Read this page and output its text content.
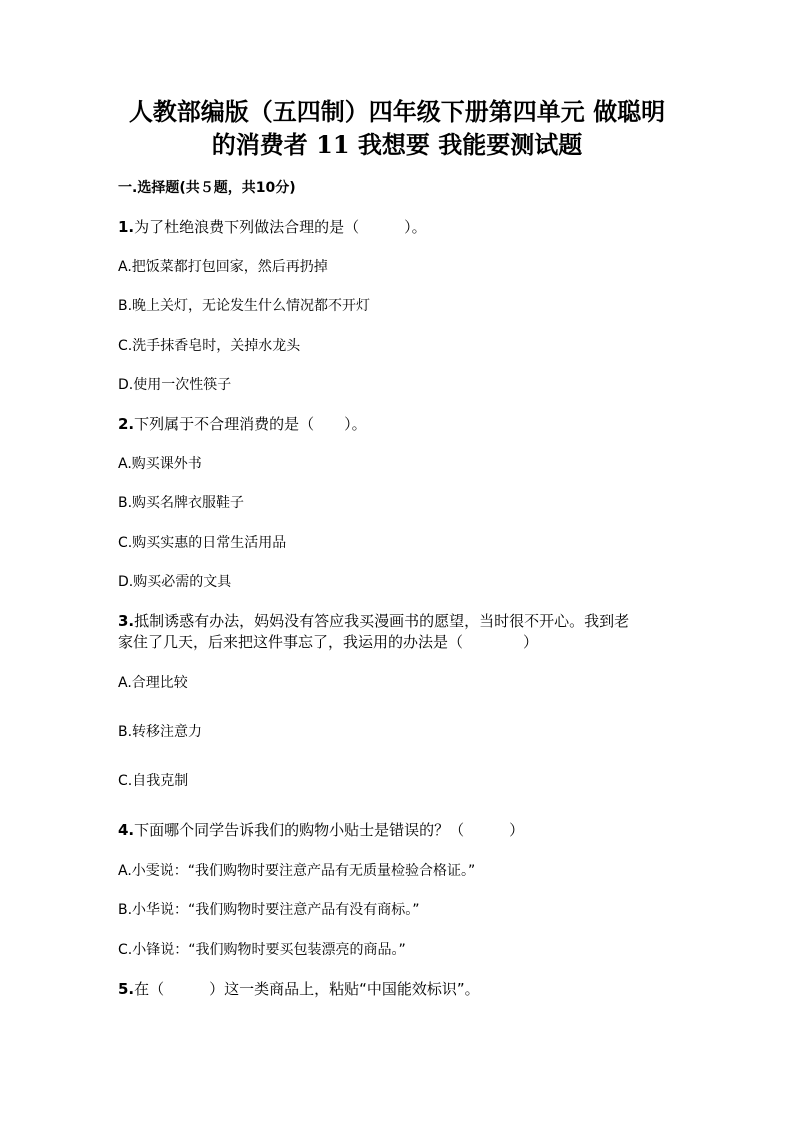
人教部编版（五四制）四年级下册第四单元 做聪明
的消费者 11 我想要 我能要测试题
一.选择题(共５题，共10分)
1.为了杜绝浪费下列做法合理的是（　　　）。
A.把饭菜都打包回家，然后再扔掉
B.晚上关灯，无论发生什么情况都不开灯
C.洗手抹香皂时，关掉水龙头
D.使用一次性筷子
2.下列属于不合理消费的是（　　）。
A.购买课外书
B.购买名牌衣服鞋子
C.购买实惠的日常生活用品
D.购买必需的文具
3.抵制诱惑有办法，妈妈没有答应我买漫画书的愿望，当时很不开心。我到老
家住了几天，后来把这件事忘了，我运用的办法是（　　　　）
A.合理比较
B.转移注意力
C.自我克制
4.下面哪个同学告诉我们的购物小贴士是错误的？（　　　）
A.小雯说：“我们购物时要注意产品有无质量检验合格证。”
B.小华说：“我们购物时要注意产品有没有商标。”
C.小锋说：“我们购物时要买包装漂亮的商品。”
5.在（　　　）这一类商品上，粘贴“中国能效标识”。
